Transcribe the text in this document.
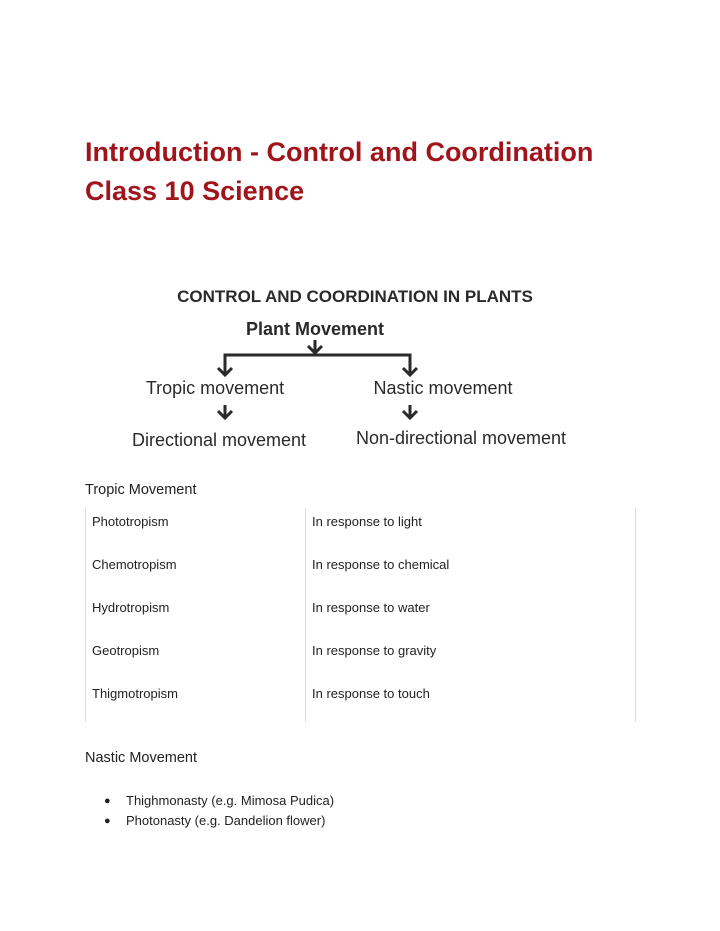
Introduction - Control and Coordination Class 10 Science
CONTROL AND COORDINATION IN PLANTS
Plant Movement
Tropic movement	Nastic movement
Directional movement	Non-directional movement

Tropic Movement

Phototropism	In response to light
Chemotropism	In response to chemical
Hydrotropism	In response to water
Geotropism	In response to gravity
Thigmotropism	In response to touch

Nastic Movement

●	Thighmonasty (e.g. Mimosa Pudica)
●	Photonasty (e.g. Dandelion flower)
